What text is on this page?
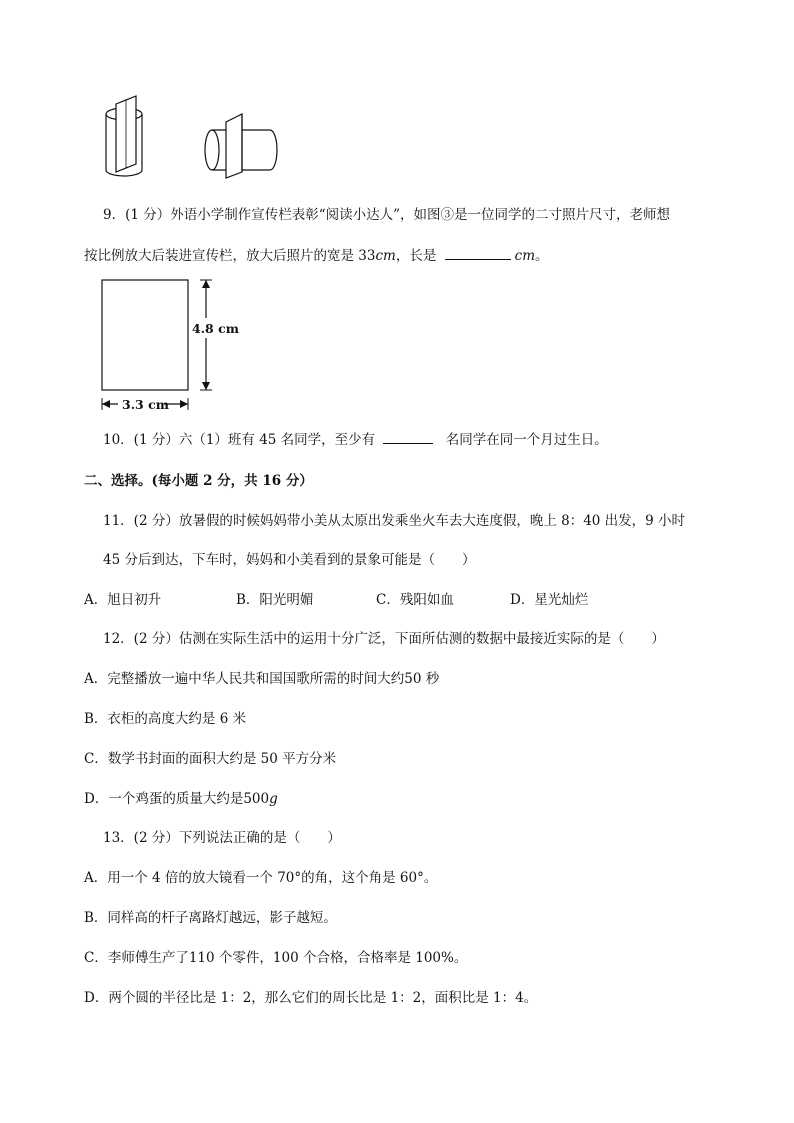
9．(1 分）外语小学制作宣传栏表彰“阅读小达人”，如图③是一位同学的二寸照片尺寸，老师想
按比例放大后装进宣传栏，放大后照片的宽是 33cm，长是	cm。
4.8 cm
3.3 cm
10．(1 分）六（1）班有 45 名同学，至少有	名同学在同一个月过生日。
二、选择。(每小题 2 分，共 16 分）
11．(2 分）放暑假的时候妈妈带小美从太原出发乘坐火车去大连度假，晚上 8：40 出发，9 小时
45 分后到达，下车时，妈妈和小美看到的景象可能是（　　）
A．旭日初升	B．阳光明媚	C．残阳如血	D．星光灿烂
12．(2 分）估测在实际生活中的运用十分广泛，下面所估测的数据中最接近实际的是（　　）
A．完整播放一遍中华人民共和国国歌所需的时间大约50 秒
B．衣柜的高度大约是 6 米
C．数学书封面的面积大约是 50 平方分米
D．一个鸡蛋的质量大约是500g
13．(2 分）下列说法正确的是（　　）
A．用一个 4 倍的放大镜看一个 70°的角，这个角是 60°。
B．同样高的杆子离路灯越远，影子越短。
C．李师傅生产了110 个零件，100 个合格，合格率是 100%。
D．两个圆的半径比是 1：2，那么它们的周长比是 1：2，面积比是 1：4。
